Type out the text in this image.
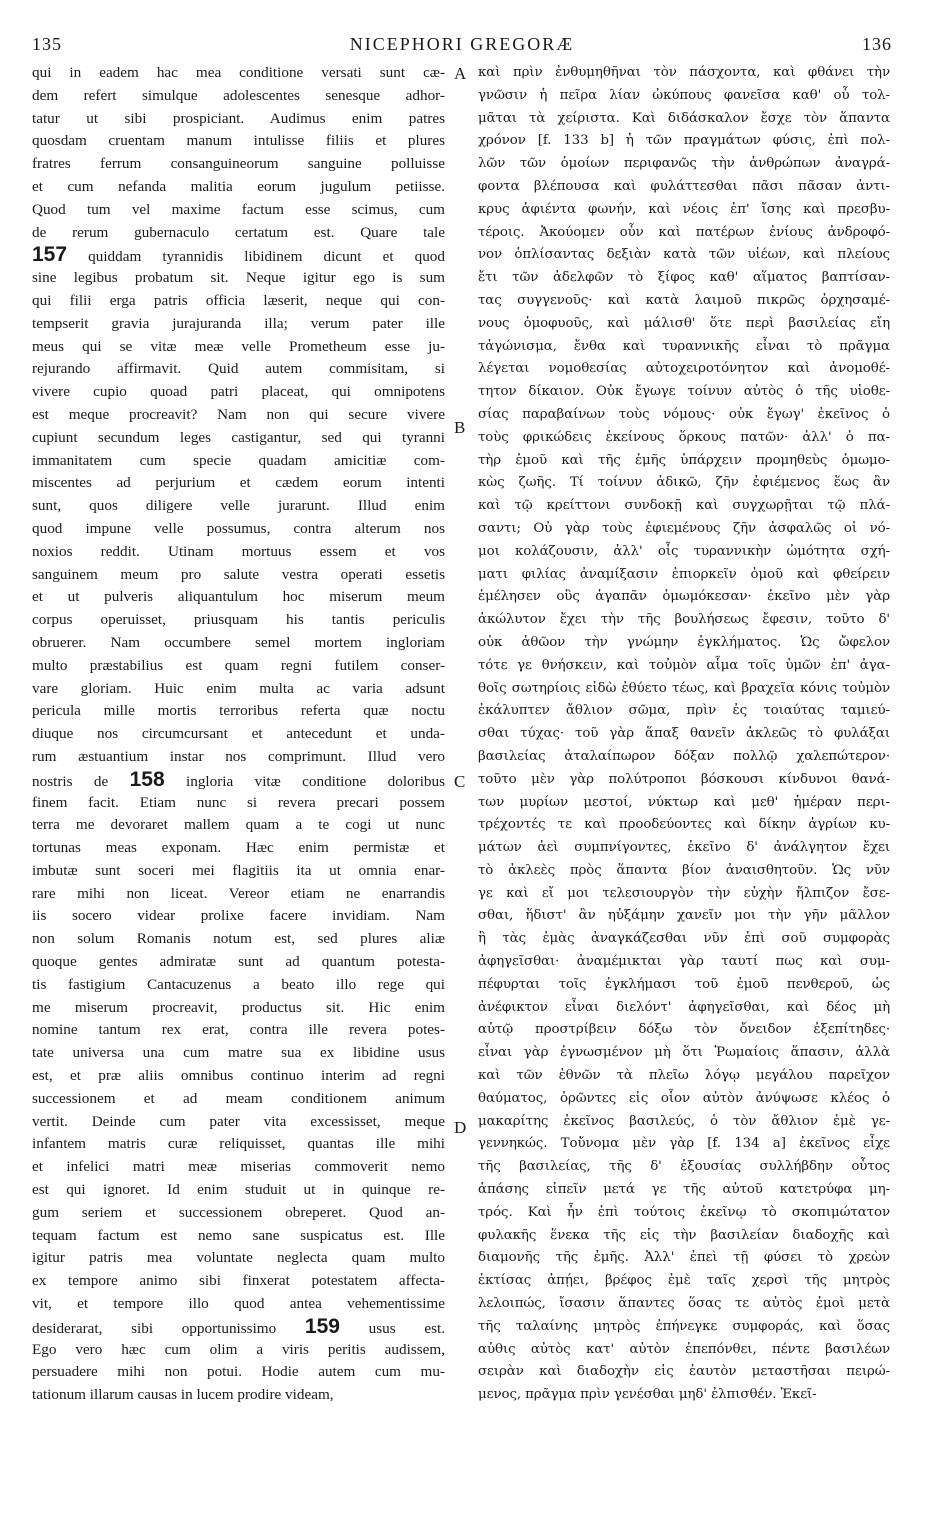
135	NICEPHORI GREGORÆ	136
qui in eadem hac mea conditione versati sunt cæ-
dem refert simulque adolescentes senesque adhor-
tatur ut sibi prospiciant. Audimus enim patres
quosdam cruentam manum intulisse filiis et plures
fratres ferrum consanguineorum sanguine polluisse
et cum nefanda malitia eorum jugulum petiisse.
Quod tum vel maxime factum esse scimus, cum
de rerum gubernaculo certatum est. Quare tale
157 quiddam tyrannidis libidinem dicunt et quod
sine legibus probatum sit. Neque igitur ego is sum
qui filii erga patris officia læserit, neque qui con-
tempserit gravia jurajuranda illa; verum pater ille
meus qui se vitæ meæ velle Prometheum esse ju-
rejurando affirmavit. Quid autem commisitam, si
vivere cupio quoad patri placeat, qui omnipotens
est meque procreavit? Nam non qui secure vivere
cupiunt secundum leges castigantur, sed qui tyranni
immanitatem cum specie quadam amicitiæ com-
miscentes ad perjurium et cædem eorum intenti
sunt, quos diligere velle jurarunt. Illud enim
quod impune velle possumus, contra alterum nos
noxios reddit. Utinam mortuus essem et vos
sanguinem meum pro salute vestra operati essetis
et ut pulveris aliquantulum hoc miserum meum
corpus operuisset, priusquam his tantis periculis
obruerer. Nam occumbere semel mortem ingloriam
multo præstabilius est quam regni futilem conser-
vare gloriam. Huic enim multa ac varia adsunt
pericula mille mortis terroribus referta quæ noctu
diuque nos circumcursant et antecedunt et unda-
rum æstuantium instar nos comprimunt. Illud vero
nostris de 158 ingloria vitæ conditione doloribus
finem facit. Etiam nunc si revera precari possem
terra me devoraret mallem quam a te cogi ut nunc
tortunas meas exponam. Hæc enim permistæ et
imbutæ sunt soceri mei flagitiis ita ut omnia enar-
rare mihi non liceat. Vereor etiam ne enarrandis
iis socero videar prolixe facere invidiam. Nam
non solum Romanis notum est, sed plures aliæ
quoque gentes admiratæ sunt ad quantum potesta-
tis fastigium Cantacuzenus a beato illo rege qui
me miserum procreavit, productus sit. Hic enim
nomine tantum rex erat, contra ille revera potes-
tate universa una cum matre sua ex libidine usus
est, et præ aliis omnibus continuo interim ad regni
successionem et ad meam conditionem animum
vertit. Deinde cum pater vita excessisset, meque
infantem matris curæ reliquisset, quantas ille mihi
et infelici matri meæ miserias commoverit nemo
est qui ignoret. Id enim studuit ut in quinque re-
gum seriem et successionem obreperet. Quod an-
tequam factum est nemo sane suspicatus est. Ille
igitur patris mea voluntate neglecta quam multo
ex tempore animo sibi finxerat potestatem affecta-
vit, et tempore illo quod antea vehementissime
desiderarat, sibi opportunissimo 159 usus est.
Ego vero hæc cum olim a viris peritis audissem,
persuadere mihi non potui. Hodie autem cum mu-
tationum illarum causas in lucem prodire videam,
A
B
C
D
καὶ πρὶν ἐνθυμηθῆναι τὸν πάσχοντα, καὶ φθάνει τὴν
γνῶσιν ἡ πεῖρα λίαν ὠκύπους φανεῖσα καθ' οὗ τολ-
μᾶται τὰ χείριστα. Καὶ διδάσκαλον ἔσχε τὸν ἅπαντα
χρόνον [f. 133 b] ἡ τῶν πραγμάτων φύσις, ἐπὶ πολ-
λῶν τῶν ὁμοίων περιφανῶς τὴν ἀνθρώπων ἀναγρά-
φοντα βλέπουσα καὶ φυλάττεσθαι πᾶσι πᾶσαν ἀντι-
κρυς ἀφιέντα φωνήν, καὶ νέοις ἐπ' ἴσης καὶ πρεσβυ-
τέροις. Ἀκούομεν οὖν καὶ πατέρων ἐνίους ἀνδροφό-
νον ὁπλίσαντας δεξιὰν κατὰ τῶν υἱέων, καὶ πλείους
ἔτι τῶν ἀδελφῶν τὸ ξίφος καθ' αἵματος βαπτίσαν-
τας συγγενοῦς· καὶ κατὰ λαιμοῦ πικρῶς ὀρχησαμέ-
νους ὁμοφυοῦς, καὶ μάλισθ' ὅτε περὶ βασιλείας εἴη
τἀγώνισμα, ἔνθα καὶ τυραννικῆς εἶναι τὸ πρᾶγμα
λέγεται νομοθεσίας αὐτοχειροτόνητον καὶ ἀνομοθέ-
τητον δίκαιον. Οὐκ ἔγωγε τοίνυν αὐτὸς ὁ τῆς υἱοθε-
σίας παραβαίνων τοὺς νόμους· οὐκ ἔγωγ' ἐκεῖνος ὁ
τοὺς φρικώδεις ἐκείνους ὅρκους πατῶν· ἀλλ' ὁ πα-
τὴρ ἐμοῦ καὶ τῆς ἐμῆς ὑπάρχειν προμηθεὺς ὁμωμο-
κὼς ζωῆς. Τί τοίνυν ἀδικῶ, ζῆν ἐφιέμενος ἕως ἂν
καὶ τῷ κρείττονι συνδοκῇ καὶ συγχωρῇται τῷ πλά-
σαντι; Οὐ γὰρ τοὺς ἐφιεμένους ζῆν ἀσφαλῶς οἱ νό-
μοι κολάζουσιν, ἀλλ' οἷς τυραννικὴν ὠμότητα σχή-
ματι φιλίας ἀναμίξασιν ἐπιορκεῖν ὁμοῦ καὶ φθείρειν
ἐμέλησεν οὓς ἀγαπᾶν ὁμωμόκεσαν· ἐκεῖνο μὲν γὰρ
ἀκώλυτον ἔχει τὴν τῆς βουλήσεως ἔφεσιν, τοῦτο δ'
οὐκ ἀθῶον τὴν γνώμην ἐγκλήματος. Ὡς ὤφελον
τότε γε θνήσκειν, καὶ τοὐμὸν αἷμα τοῖς ὑμῶν ἐπ' ἀγα-
θοῖς σωτηρίοις εἰδὼ ἐθύετο τέως, καὶ βραχεῖα κόνις τοὐμὸν
ἐκάλυπτεν ἄθλιον σῶμα, πρὶν ἐς τοιαύτας ταμιεύ-
σθαι τύχας· τοῦ γὰρ ἅπαξ θανεῖν ἀκλεῶς τὸ φυλάξαι
βασιλείας ἀταλαίπωρον δόξαν πολλῷ χαλεπώτερον·
τοῦτο μὲν γὰρ πολύτροποι βόσκουσι κίνδυνοι θανά-
των μυρίων μεστοί, νύκτωρ καὶ μεθ' ἡμέραν περι-
τρέχοντές τε καὶ προοδεύοντες καὶ δίκην ἀγρίων κυ-
μάτων ἀεὶ συμπνίγοντες, ἐκεῖνο δ' ἀνάλγητον ἔχει
τὸ ἀκλεὲς πρὸς ἅπαντα βίον ἀναισθητοῦν. Ὡς νῦν
γε καὶ εἴ μοι τελεσιουργὸν τὴν εὐχὴν ἤλπιζον ἔσε-
σθαι, ἥδιστ' ἂν ηὐξάμην χανεῖν μοι τὴν γῆν μᾶλλον
ἢ τὰς ἐμὰς ἀναγκάζεσθαι νῦν ἐπὶ σοῦ συμφορὰς
ἀφηγεῖσθαι· ἀναμέμικται γὰρ ταυτί πως καὶ συμ-
πέφυρται τοῖς ἐγκλήμασι τοῦ ἐμοῦ πενθεροῦ, ὡς
ἀνέφικτον εἶναι διελόντ' ἀφηγεῖσθαι, καὶ δέος μὴ
αὐτῷ προστρίβειν δόξω τὸν ὄνειδον ἐξεπίτηδες·
εἶναι γὰρ ἐγνωσμένον μὴ ὅτι Ῥωμαίοις ἅπασιν, ἀλλὰ
καὶ τῶν ἐθνῶν τὰ πλεῖω λόγῳ μεγάλου παρεῖχον
θαύματος, ὁρῶντες εἰς οἷον αὐτὸν ἀνύψωσε κλέος ὁ
μακαρίτης ἐκεῖνος βασιλεύς, ὁ τὸν ἄθλιον ἐμὲ γε-
γεννηκώς. Τοὔνομα μὲν γὰρ [f. 134 a] ἐκεῖνος εἶχε
τῆς βασιλείας, τῆς δ' ἐξουσίας συλλήβδην οὗτος
ἁπάσης εἰπεῖν μετά γε τῆς αὐτοῦ κατετρύφα μη-
τρός. Καὶ ἦν ἐπὶ τούτοις ἐκεῖνῳ τὸ σκοπιμώτατον
φυλακῆς ἕνεκα τῆς εἰς τὴν βασιλείαν διαδοχῆς καὶ
διαμονῆς τῆς ἐμῆς. Ἀλλ' ἐπεὶ τῇ φύσει τὸ χρεὼν
ἐκτίσας ἀπῄει, βρέφος ἐμὲ ταῖς χερσὶ τῆς μητρὸς
λελοιπώς, ἴσασιν ἅπαντες ὅσας τε αὐτὸς ἐμοὶ μετὰ
τῆς ταλαίνης μητρὸς ἐπήνεγκε συμφοράς, καὶ ὅσας
αὐθις αὐτὸς κατ' αὐτὸν ἐπεπόνθει, πέντε βασιλέων
σειρὰν καὶ διαδοχὴν εἰς ἑαυτὸν μεταστῆσαι πειρώ-
μενος, πρᾶγμα πρὶν γενέσθαι μηδ' ἐλπισθέν. Ἐκεῖ-
